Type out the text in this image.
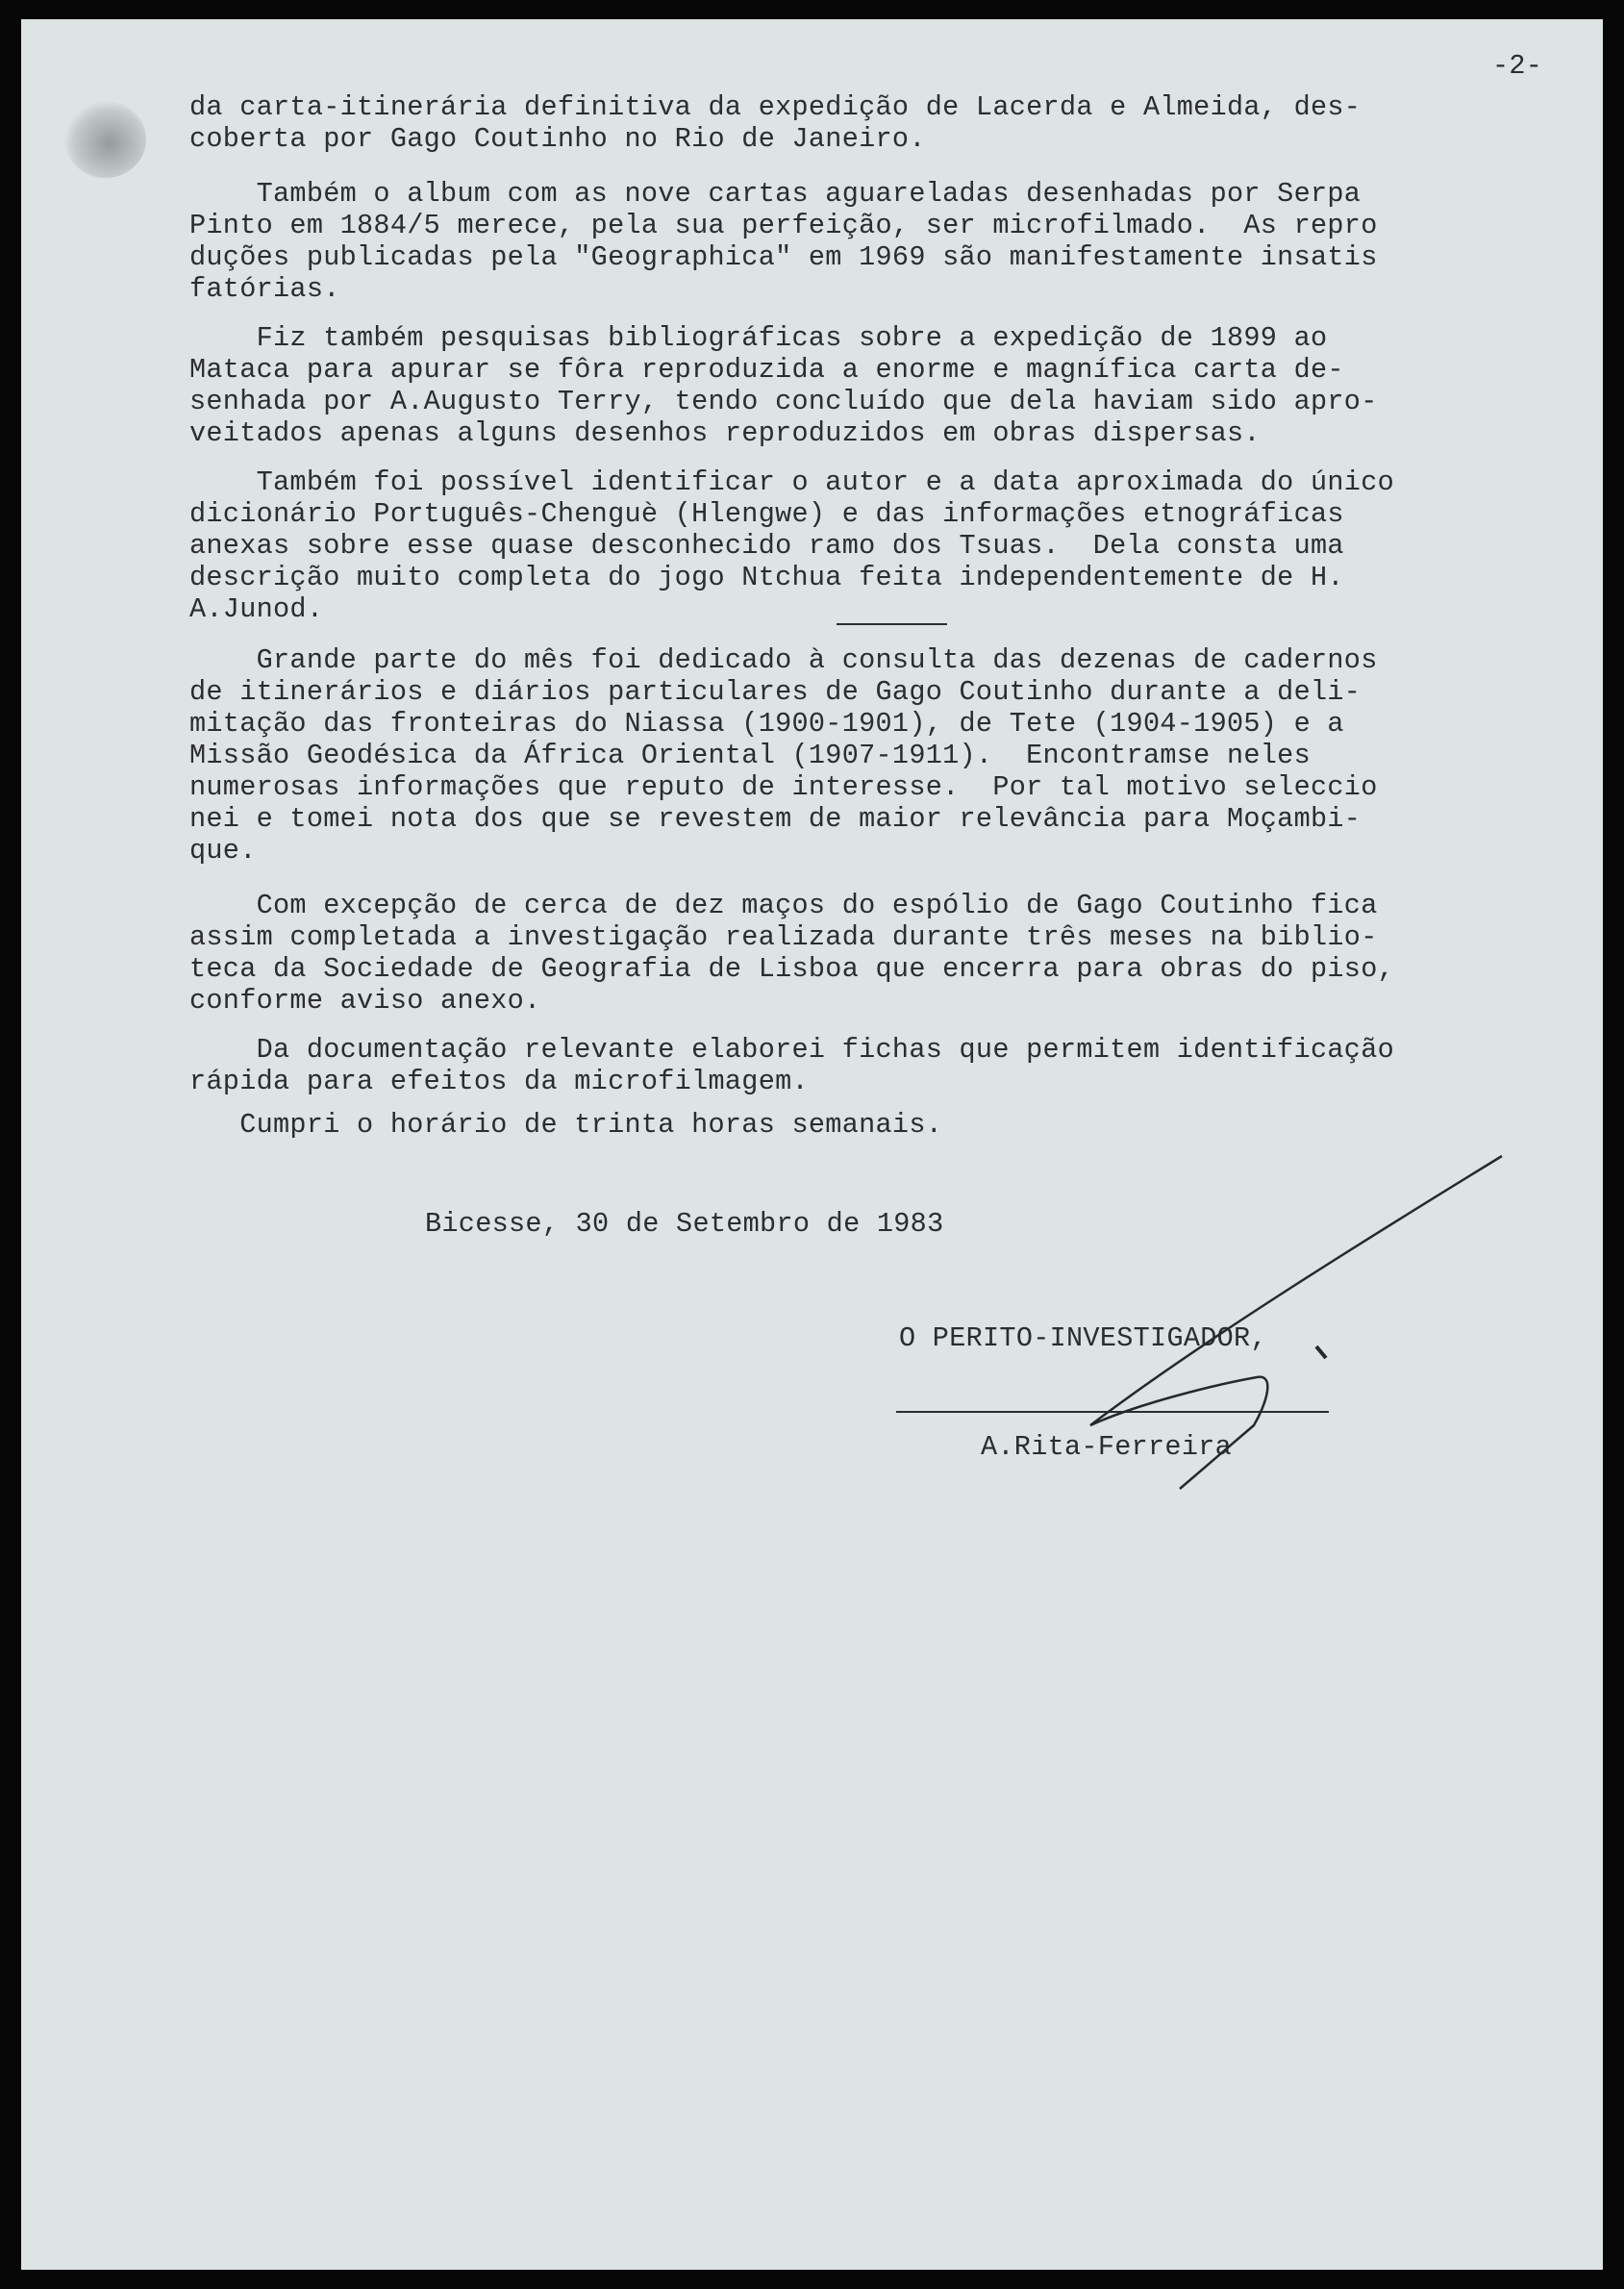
-2-
da carta-itinerária definitiva da expedição de Lacerda e Almeida, des-
coberta por Gago Coutinho no Rio de Janeiro.
Também o album com as nove cartas aguareladas desenhadas por Serpa
Pinto em 1884/5 merece, pela sua perfeição, ser microfilmado.  As repro
duções publicadas pela "Geographica" em 1969 são manifestamente insatis
fatórias.
Fiz também pesquisas bibliográficas sobre a expedição de 1899 ao
Mataca para apurar se fôra reproduzida a enorme e magnífica carta de-
senhada por A.Augusto Terry, tendo concluído que dela haviam sido apro-
veitados apenas alguns desenhos reproduzidos em obras dispersas.
Também foi possível identificar o autor e a data aproximada do único
dicionário Português-Chenguè (Hlengwe) e das informações etnográficas
anexas sobre esse quase desconhecido ramo dos Tsuas.  Dela consta uma
descrição muito completa do jogo Ntchua feita independentemente de H.
A.Junod.
Grande parte do mês foi dedicado à consulta das dezenas de cadernos
de itinerários e diários particulares de Gago Coutinho durante a deli-
mitação das fronteiras do Niassa (1900-1901), de Tete (1904-1905) e a
Missão Geodésica da África Oriental (1907-1911).  Encontramse neles
numerosas informações que reputo de interesse.  Por tal motivo seleccio
nei e tomei nota dos que se revestem de maior relevância para Moçambi-
que.
Com excepção de cerca de dez maços do espólio de Gago Coutinho fica
assim completada a investigação realizada durante três meses na biblio-
teca da Sociedade de Geografia de Lisboa que encerra para obras do piso,
conforme aviso anexo.
Da documentação relevante elaborei fichas que permitem identificação
rápida para efeitos da microfilmagem.
Cumpri o horário de trinta horas semanais.
Bicesse, 30 de Setembro de 1983
O PERITO-INVESTIGADOR,
A.Rita-Ferreira
